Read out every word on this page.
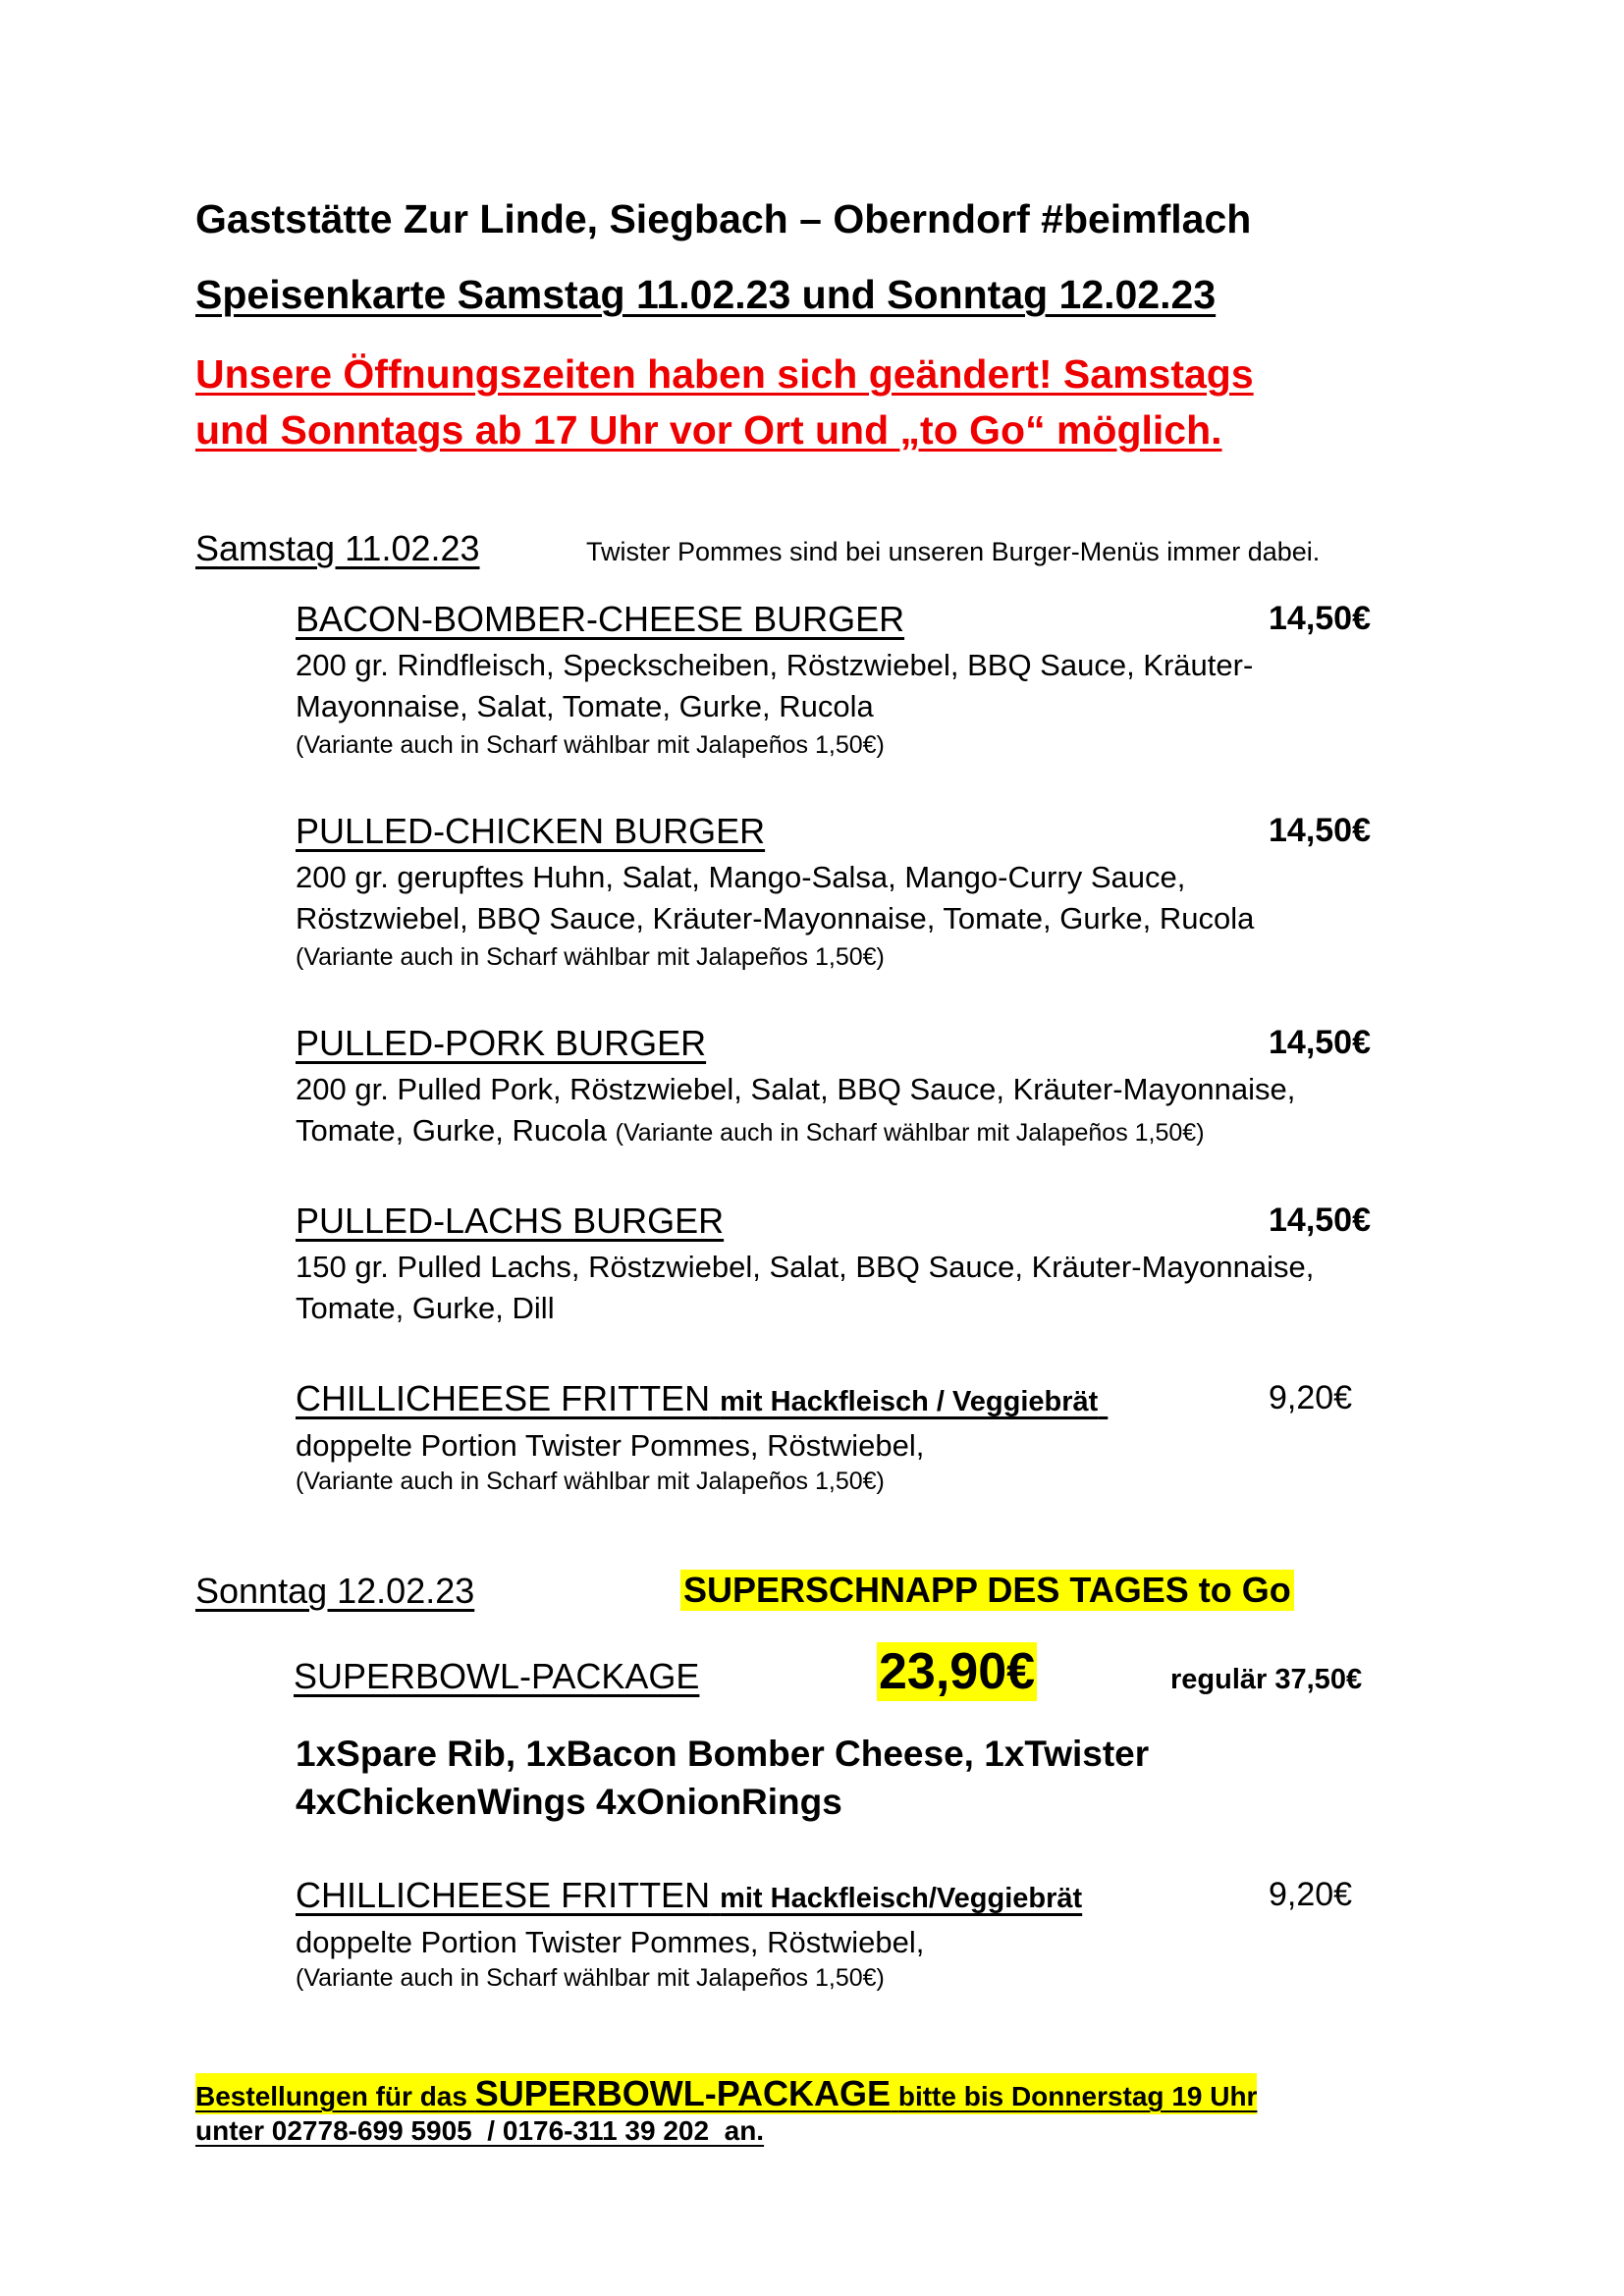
Gaststätte Zur Linde, Siegbach – Oberndorf #beimflach
Speisenkarte Samstag 11.02.23 und Sonntag 12.02.23
Unsere Öffnungszeiten haben sich geändert! Samstags
und Sonntags ab 17 Uhr vor Ort und „to Go“ möglich.
Samstag 11.02.23	Twister Pommes sind bei unseren Burger-Menüs immer dabei.
BACON-BOMBER-CHEESE BURGER	14,50€
200 gr. Rindfleisch, Speckscheiben, Röstzwiebel, BBQ Sauce, Kräuter-Mayonnaise, Salat, Tomate, Gurke, Rucola
(Variante auch in Scharf wählbar mit Jalapeños 1,50€)
PULLED-CHICKEN BURGER	14,50€
200 gr. gerupftes Huhn, Salat, Mango-Salsa, Mango-Curry Sauce, Röstzwiebel, BBQ Sauce, Kräuter-Mayonnaise, Tomate, Gurke, Rucola
(Variante auch in Scharf wählbar mit Jalapeños 1,50€)
PULLED-PORK BURGER	14,50€
200 gr. Pulled Pork, Röstzwiebel, Salat, BBQ Sauce, Kräuter-Mayonnaise,
Tomate, Gurke, Rucola (Variante auch in Scharf wählbar mit Jalapeños 1,50€)
PULLED-LACHS BURGER	14,50€
150 gr. Pulled Lachs, Röstzwiebel, Salat, BBQ Sauce, Kräuter-Mayonnaise, Tomate, Gurke, Dill
CHILLICHEESE FRITTEN mit Hackfleisch / Veggiebrät	9,20€
doppelte Portion Twister Pommes, Röstwiebel,
(Variante auch in Scharf wählbar mit Jalapeños 1,50€)
Sonntag 12.02.23	SUPERSCHNAPP DES TAGES to Go
SUPERBOWL-PACKAGE	23,90€	regulär 37,50€
1xSpare Rib, 1xBacon Bomber Cheese, 1xTwister
4xChickenWings 4xOnionRings
CHILLICHEESE FRITTEN mit Hackfleisch/Veggiebrät	9,20€
doppelte Portion Twister Pommes, Röstwiebel,
(Variante auch in Scharf wählbar mit Jalapeños 1,50€)
Bestellungen für das SUPERBOWL-PACKAGE bitte bis Donnerstag 19 Uhr
unter 02778-699 5905  / 0176-311 39 202  an.
